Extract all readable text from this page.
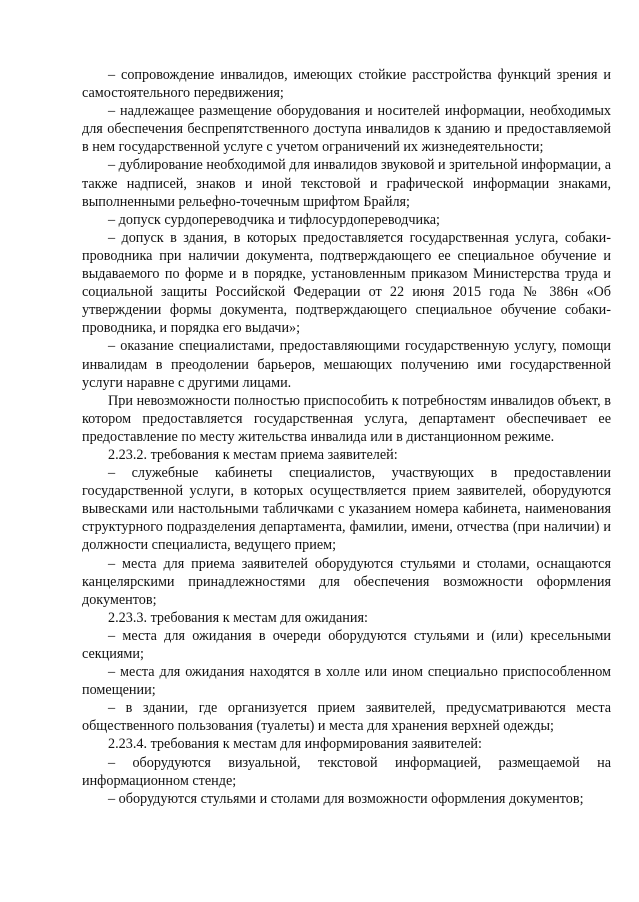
– сопровождение инвалидов, имеющих стойкие расстройства функций зрения и самостоятельного передвижения;

– надлежащее размещение оборудования и носителей информации, необходимых для обеспечения беспрепятственного доступа инвалидов к зданию и предоставляемой в нем государственной услуге с учетом ограничений их жизнедеятельности;

– дублирование необходимой для инвалидов звуковой и зрительной информации, а также надписей, знаков и иной текстовой и графической информации знаками, выполненными рельефно-точечным шрифтом Брайля;

– допуск сурдопереводчика и тифлосурдопереводчика;

– допуск в здания, в которых предоставляется государственная услуга, собаки-проводника при наличии документа, подтверждающего ее специальное обучение и выдаваемого по форме и в порядке, установленным приказом Министерства труда и социальной защиты Российской Федерации от 22 июня 2015 года № 386н «Об утверждении формы документа, подтверждающего специальное обучение собаки-проводника, и порядка его выдачи»;

– оказание специалистами, предоставляющими государственную услугу, помощи инвалидам в преодолении барьеров, мешающих получению ими государственной услуги наравне с другими лицами.

При невозможности полностью приспособить к потребностям инвалидов объект, в котором предоставляется государственная услуга, департамент обеспечивает ее предоставление по месту жительства инвалида или в дистанционном режиме.

2.23.2. требования к местам приема заявителей:

– служебные кабинеты специалистов, участвующих в предоставлении государственной услуги, в которых осуществляется прием заявителей, оборудуются вывесками или настольными табличками с указанием номера кабинета, наименования структурного подразделения департамента, фамилии, имени, отчества (при наличии) и должности специалиста, ведущего прием;

– места для приема заявителей оборудуются стульями и столами, оснащаются канцелярскими принадлежностями для обеспечения возможности оформления документов;

2.23.3. требования к местам для ожидания:

– места для ожидания в очереди оборудуются стульями и (или) кресельными секциями;

– места для ожидания находятся в холле или ином специально приспособленном помещении;

– в здании, где организуется прием заявителей, предусматриваются места общественного пользования (туалеты) и места для хранения верхней одежды;

2.23.4. требования к местам для информирования заявителей:

– оборудуются визуальной, текстовой информацией, размещаемой на информационном стенде;

– оборудуются стульями и столами для возможности оформления документов;
